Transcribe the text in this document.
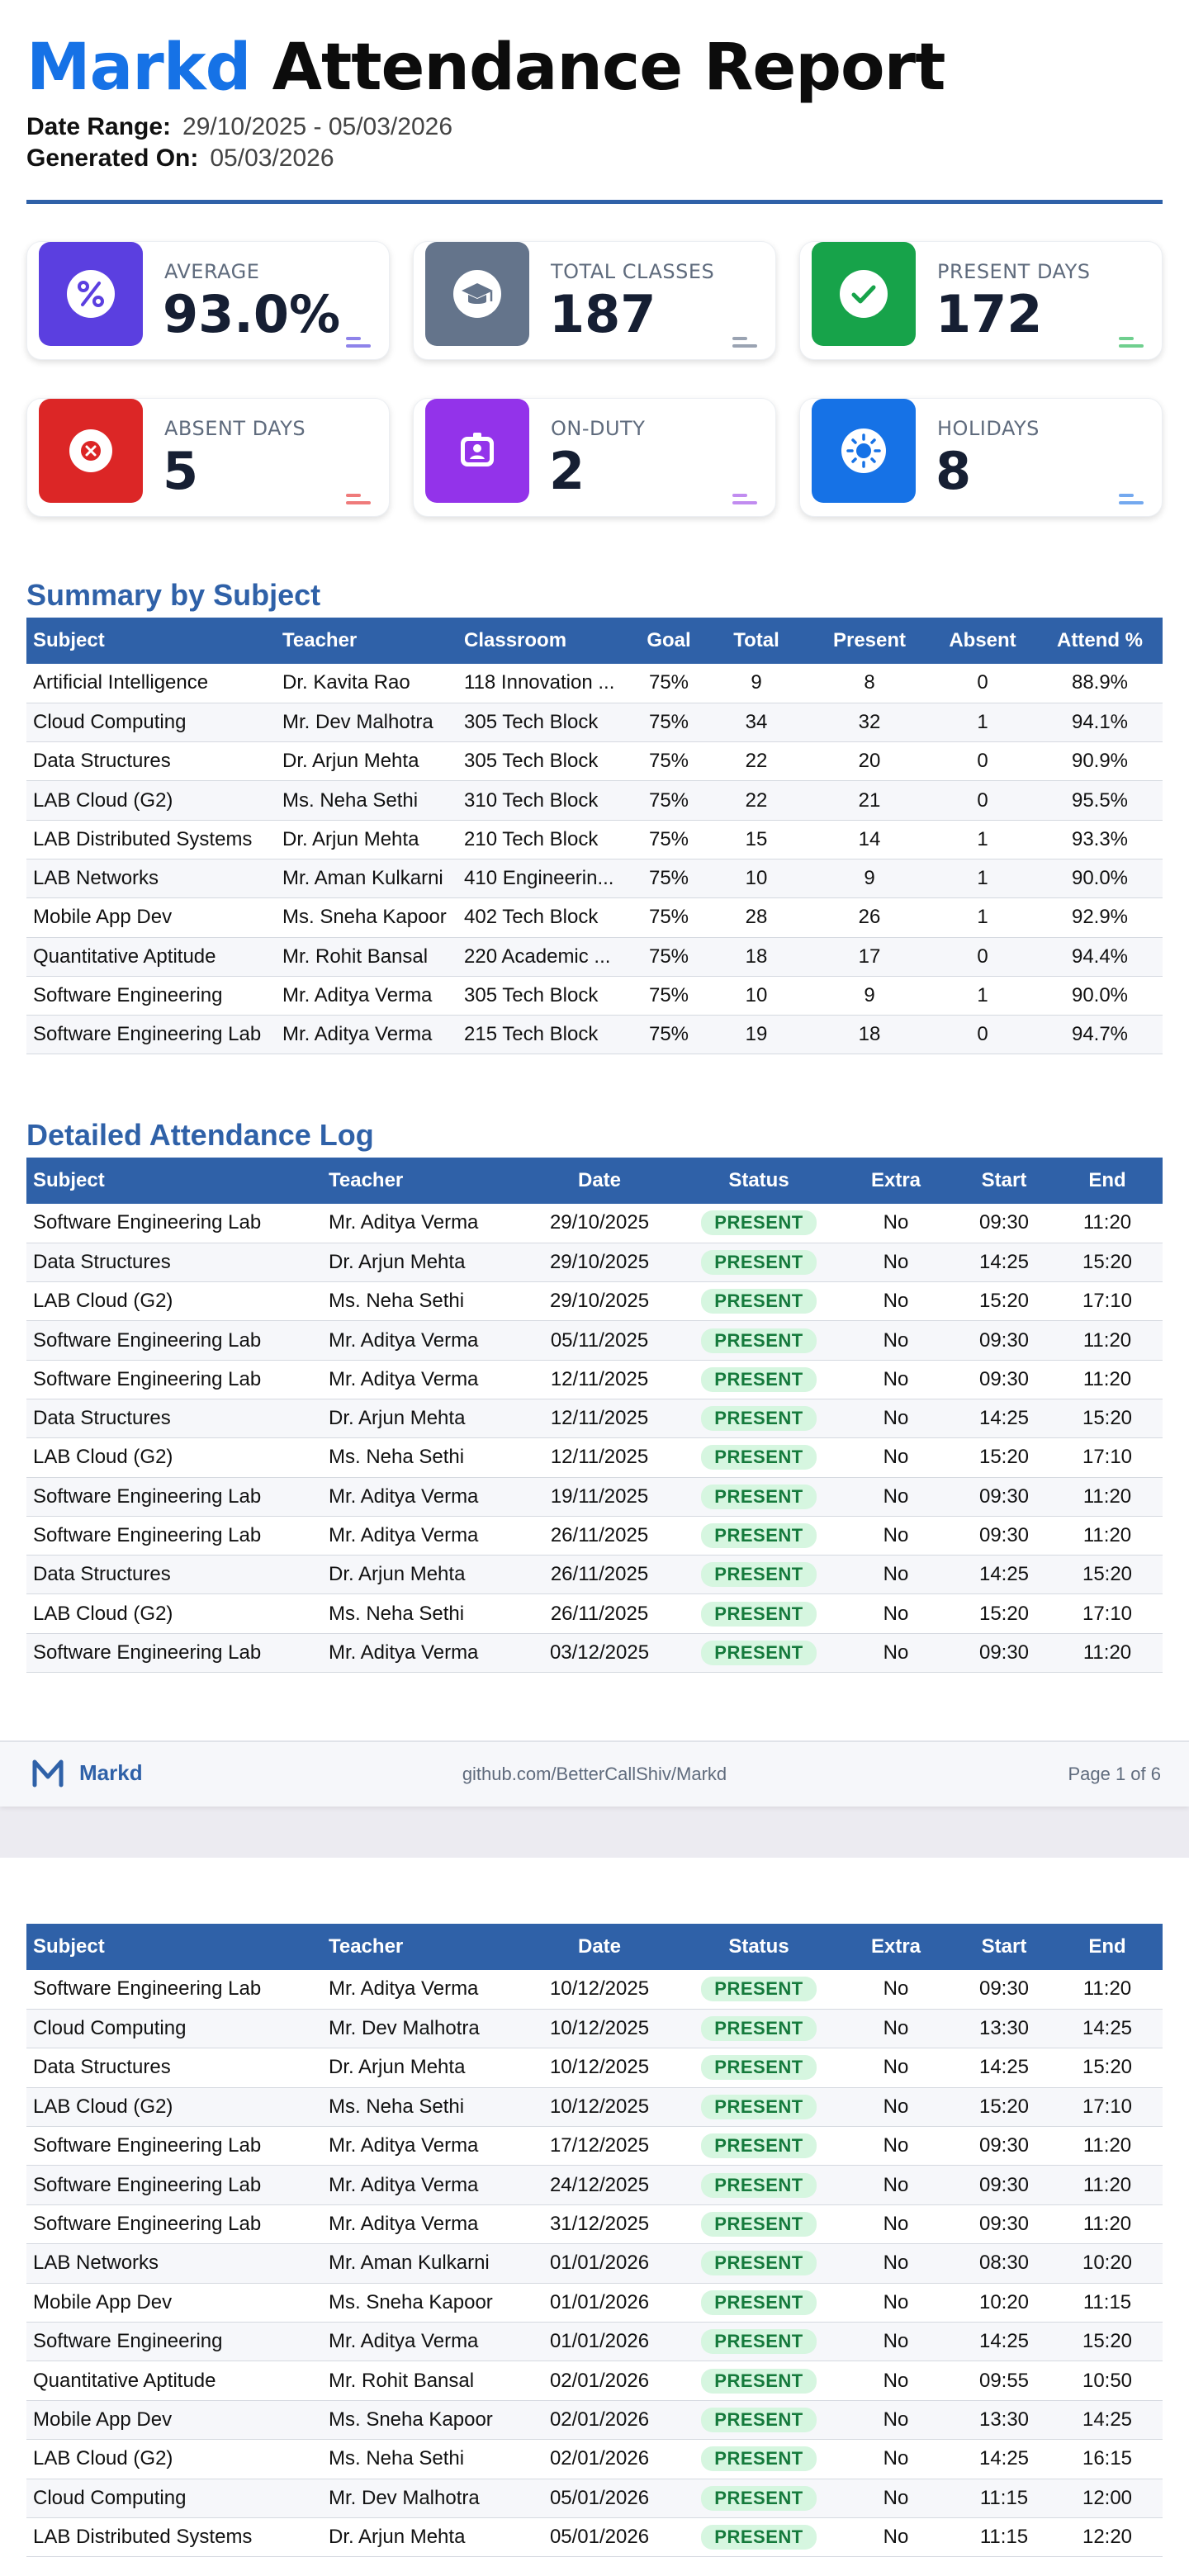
Markd Attendance Report
Date Range: 29/10/2025 - 05/03/2026
Generated On: 05/03/2026
AVERAGE
93.0%
TOTAL CLASSES
187
PRESENT DAYS
172
ABSENT DAYS
5
ON-DUTY
2
HOLIDAYS
8
Summary by Subject
Subject	Teacher	Classroom	Goal	Total	Present	Absent	Attend %
Artificial Intelligence	Dr. Kavita Rao	118 Innovation ...	75%	9	8	0	88.9%
Cloud Computing	Mr. Dev Malhotra	305 Tech Block	75%	34	32	1	94.1%
Data Structures	Dr. Arjun Mehta	305 Tech Block	75%	22	20	0	90.9%
LAB Cloud (G2)	Ms. Neha Sethi	310 Tech Block	75%	22	21	0	95.5%
LAB Distributed Systems	Dr. Arjun Mehta	210 Tech Block	75%	15	14	1	93.3%
LAB Networks	Mr. Aman Kulkarni	410 Engineerin...	75%	10	9	1	90.0%
Mobile App Dev	Ms. Sneha Kapoor	402 Tech Block	75%	28	26	1	92.9%
Quantitative Aptitude	Mr. Rohit Bansal	220 Academic ...	75%	18	17	0	94.4%
Software Engineering	Mr. Aditya Verma	305 Tech Block	75%	10	9	1	90.0%
Software Engineering Lab	Mr. Aditya Verma	215 Tech Block	75%	19	18	0	94.7%
Detailed Attendance Log
Subject	Teacher	Date	Status	Extra	Start	End
Software Engineering Lab	Mr. Aditya Verma	29/10/2025	PRESENT	No	09:30	11:20
Data Structures	Dr. Arjun Mehta	29/10/2025	PRESENT	No	14:25	15:20
LAB Cloud (G2)	Ms. Neha Sethi	29/10/2025	PRESENT	No	15:20	17:10
Software Engineering Lab	Mr. Aditya Verma	05/11/2025	PRESENT	No	09:30	11:20
Software Engineering Lab	Mr. Aditya Verma	12/11/2025	PRESENT	No	09:30	11:20
Data Structures	Dr. Arjun Mehta	12/11/2025	PRESENT	No	14:25	15:20
LAB Cloud (G2)	Ms. Neha Sethi	12/11/2025	PRESENT	No	15:20	17:10
Software Engineering Lab	Mr. Aditya Verma	19/11/2025	PRESENT	No	09:30	11:20
Software Engineering Lab	Mr. Aditya Verma	26/11/2025	PRESENT	No	09:30	11:20
Data Structures	Dr. Arjun Mehta	26/11/2025	PRESENT	No	14:25	15:20
LAB Cloud (G2)	Ms. Neha Sethi	26/11/2025	PRESENT	No	15:20	17:10
Software Engineering Lab	Mr. Aditya Verma	03/12/2025	PRESENT	No	09:30	11:20
Markd	github.com/BetterCallShiv/Markd	Page 1 of 6
Subject	Teacher	Date	Status	Extra	Start	End
Software Engineering Lab	Mr. Aditya Verma	10/12/2025	PRESENT	No	09:30	11:20
Cloud Computing	Mr. Dev Malhotra	10/12/2025	PRESENT	No	13:30	14:25
Data Structures	Dr. Arjun Mehta	10/12/2025	PRESENT	No	14:25	15:20
LAB Cloud (G2)	Ms. Neha Sethi	10/12/2025	PRESENT	No	15:20	17:10
Software Engineering Lab	Mr. Aditya Verma	17/12/2025	PRESENT	No	09:30	11:20
Software Engineering Lab	Mr. Aditya Verma	24/12/2025	PRESENT	No	09:30	11:20
Software Engineering Lab	Mr. Aditya Verma	31/12/2025	PRESENT	No	09:30	11:20
LAB Networks	Mr. Aman Kulkarni	01/01/2026	PRESENT	No	08:30	10:20
Mobile App Dev	Ms. Sneha Kapoor	01/01/2026	PRESENT	No	10:20	11:15
Software Engineering	Mr. Aditya Verma	01/01/2026	PRESENT	No	14:25	15:20
Quantitative Aptitude	Mr. Rohit Bansal	02/01/2026	PRESENT	No	09:55	10:50
Mobile App Dev	Ms. Sneha Kapoor	02/01/2026	PRESENT	No	13:30	14:25
LAB Cloud (G2)	Ms. Neha Sethi	02/01/2026	PRESENT	No	14:25	16:15
Cloud Computing	Mr. Dev Malhotra	05/01/2026	PRESENT	No	11:15	12:00
LAB Distributed Systems	Dr. Arjun Mehta	05/01/2026	PRESENT	No	11:15	12:20
